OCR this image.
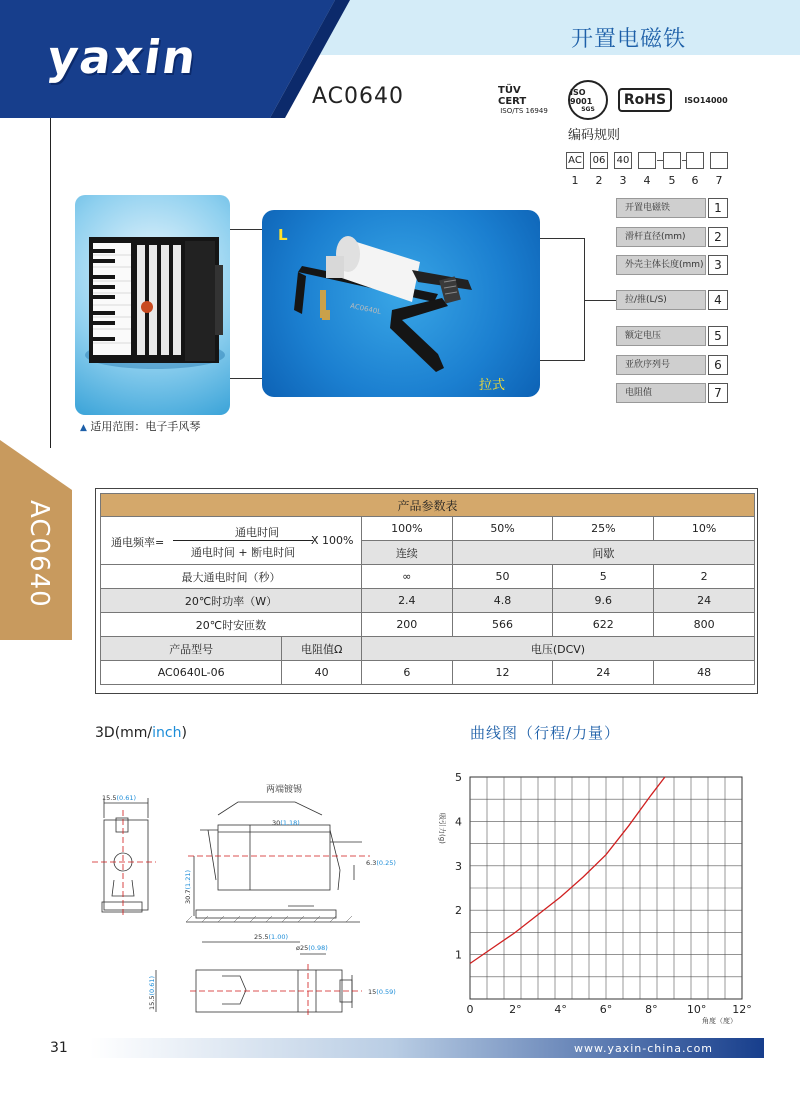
yaxin	开置电磁铁
AC0640	TÜV CERT
ISO/TS 16949
ISO 9001
SGS
RoHS	ISO14000
AC0640
编码规则
AC 06 40
1	2	3	4	5	6	7
▲ 适用范围：电子手风琴
L
拉式
AC0640L
开置电磁铁	1
滑杆直径(mm)	2
外壳主体长度(mm) 3
拉/推(L/S)	4
额定电压	5
亚欣序列号	6
电阻值	7
产品参数表					

通电频率=
通电时间
通电时间 + 断电时间
X 100%		100%	50%	25%	10%
		连续	间歇		
最大通电时间（秒）		∞	50	5	2
20℃时功率（W）		2.4	4.8	9.6	24
20℃时安匝数		200	566	622	800
产品型号	电阻值Ω	电压(DCV)			
AC0640L-06	40	6	12	24	48
3D(mm/inch)	曲线图（行程/力量）
两端镀锡
15.5(0.61)
30(1.18)
6.3(0.25)
30.7(1.21)
25.5(1.00)
ø25(0.98)
15.5(0.61)	15(0.59)
0	2°	4°	6°	8°	10° 12°
1
2
3
4
5
吸引力(g)
角度（度）
31	www.yaxin-china.com
